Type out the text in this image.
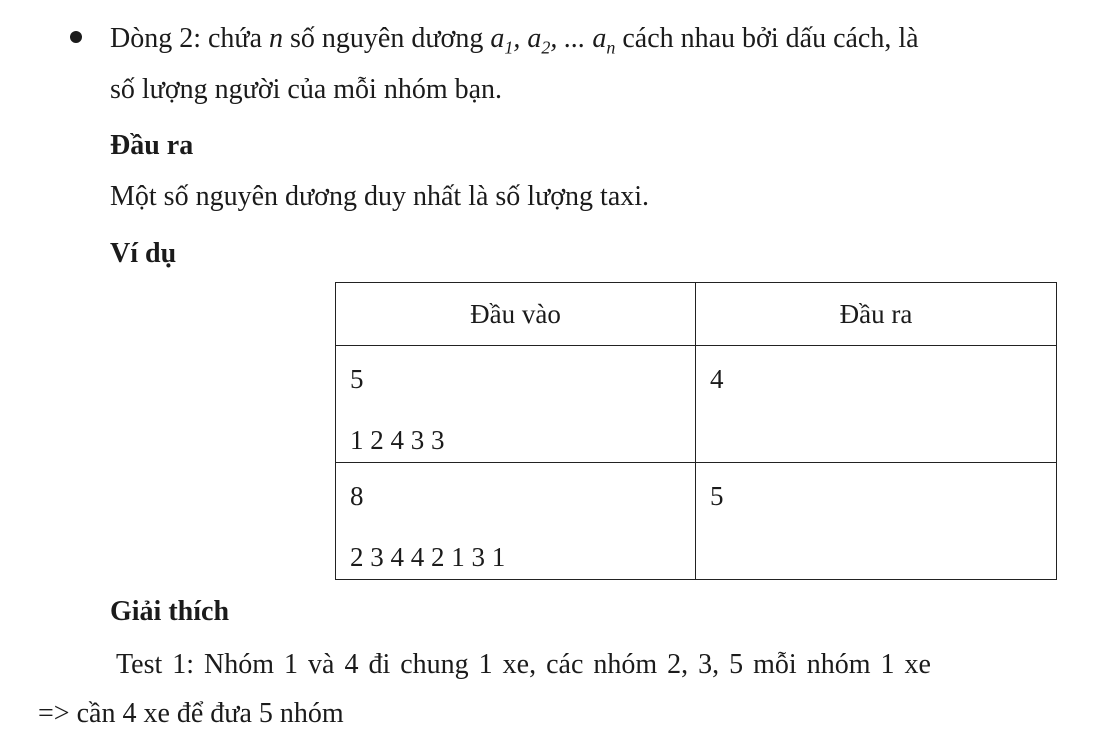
Dòng 2: chứa n số nguyên dương $a_1$, $a_2$, ... $a_n$ cách nhau bởi dấu cách, là
số lượng người của mỗi nhóm bạn.
Đầu ra
Một số nguyên dương duy nhất là số lượng taxi.
Ví dụ
Đầu vào	Đầu ra

5
1 2 4 3 3	4

8
2 3 4 4 2 1 3 1	5
Giải thích
Test 1: Nhóm 1 và 4 đi chung 1 xe, các nhóm 2, 3, 5 mỗi nhóm 1 xe
=> cần 4 xe để đưa 5 nhóm
